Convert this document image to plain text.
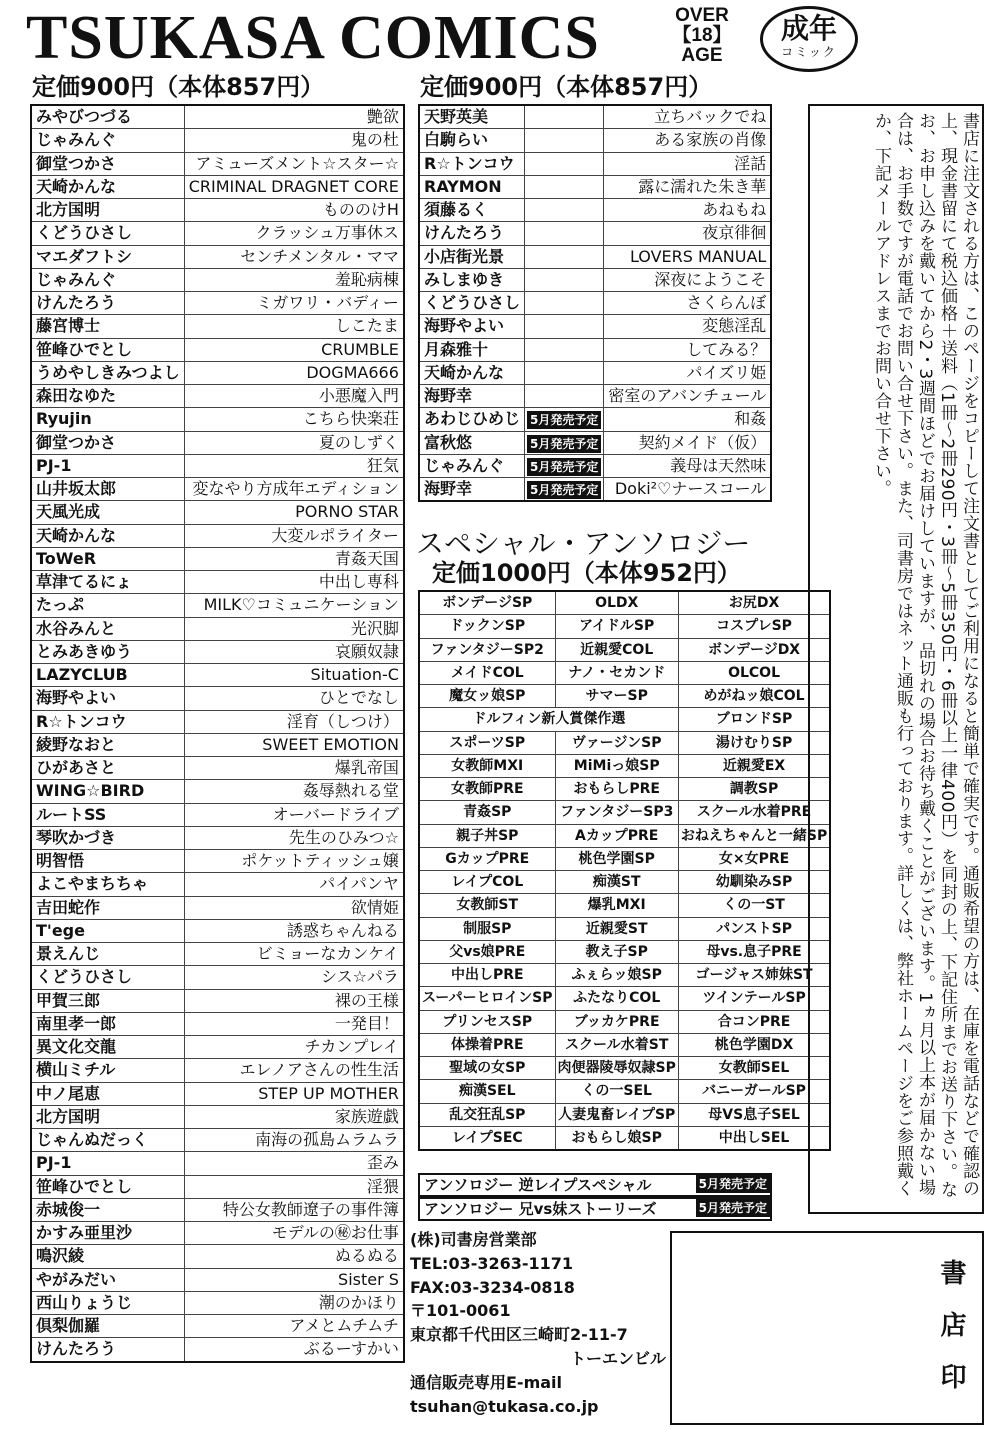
TSUKASA COMICS	OVER
【18】
AGE
成年
コミック
定価900円（本体857円）	定価900円（本体857円）
みやびつづる	艶欲
じゃみんぐ	鬼の杜
御堂つかさ	アミューズメント☆スター☆
天崎かんな	CRIMINAL DRAGNET CORE
北方国明	もののけH
くどうひさし	クラッシュ万事休ス
マエダフトシ	センチメンタル・ママ
じゃみんぐ	羞恥病棟
けんたろう	ミガワリ・バディー
藤宮博士	しこたま
笹峰ひでとし	CRUMBLE
うめやしきみつよし	DOGMA666
森田なゆた	小悪魔入門
Ryujin	こちら快楽荘
御堂つかさ	夏のしずく
PJ-1	狂気
山井坂太郎	変なやり方成年エディション
天風光成	PORNO STAR
天崎かんな	大変ルポライター
ToWeR	青姦天国
草津てるにょ	中出し専科
たっぷ	MILK♡コミュニケーション
水谷みんと	光沢脚
とみあきゆう	哀願奴隷
LAZYCLUB	Situation-C
海野やよい	ひとでなし
R☆トンコウ	淫育（しつけ）
綾野なおと	SWEET EMOTION
ひがあさと	爆乳帝国
WING☆BIRD	姦辱熱れる堂
ルートSS	オーバードライブ
琴吹かづき	先生のひみつ☆
明智悟	ポケットティッシュ嬢
よこやまちちゃ	パイパンヤ
吉田蛇作	欲情姫
T'ege	誘惑ちゃんねる
景えんじ	ビミョーなカンケイ
くどうひさし	シス☆パラ
甲賀三郎	裸の王様
南里孝一郎	一発目！
異文化交龍	チカンプレイ
横山ミチル	エレノアさんの性生活
中ノ尾恵	STEP UP MOTHER
北方国明	家族遊戯
じゃんぬだっく	南海の孤島ムラムラ
PJ-1	歪み
笹峰ひでとし	淫猥
赤城俊一	特公女教師遼子の事件簿
かすみ亜里沙	モデルの㊙お仕事
鳴沢綾	ぬるぬる
やがみだい	Sister S
西山りょうじ	潮のかほり
倶梨伽羅	アメとムチムチ
けんたろう	ぶるーすかい
天野英美		立ちバックでね
白駒らい		ある家族の肖像
R☆トンコウ		淫話
RAYMON		露に濡れた朱き華
須藤るく		あねもね
けんたろう		夜京徘徊
小店街光景		LOVERS MANUAL
みしまゆき		深夜にようこそ
くどうひさし		さくらんぼ
海野やよい		変態淫乱
月森雅十		してみる？
天崎かんな		パイズリ姫
海野幸		密室のアバンチュール
あわじひめじ	5月発売予定	和姦
富秋悠	5月発売予定	契約メイド（仮）
じゃみんぐ	5月発売予定	義母は天然味
海野幸	5月発売予定	Doki²♡ナースコール
スペシャル・アンソロジー
定価1000円（本体952円）
ボンデージSP	OLDX	お尻DX
ドックンSP	アイドルSP	コスプレSP
ファンタジーSP2	近親愛COL	ボンデージDX
メイドCOL	ナノ・セカンド	OLCOL
魔女ッ娘SP	サマーSP	めがねッ娘COL
ドルフィン新人賞傑作選		ブロンドSP
スポーツSP	ヴァージンSP	湯けむりSP
女教師MXI	MiMiっ娘SP	近親愛EX
女教師PRE	おもらしPRE	調教SP
青姦SP	ファンタジーSP3	スクール水着PRE
親子丼SP	AカップPRE	おねえちゃんと一緒SP
GカップPRE	桃色学園SP	女×女PRE
レイプCOL	痴漢ST	幼馴染みSP
女教師ST	爆乳MXI	くの一ST
制服SP	近親愛ST	パンストSP
父vs娘PRE	教え子SP	母vs.息子PRE
中出しPRE	ふぇらッ娘SP	ゴージャス姉妹ST
スーパーヒロインSP	ふたなりCOL	ツインテールSP
プリンセスSP	ブッカケPRE	合コンPRE
体操着PRE	スクール水着ST	桃色学園DX
聖域の女SP	肉便器陵辱奴隷SP	女教師SEL
痴漢SEL	くの一SEL	バニーガールSP
乱交狂乱SP	人妻鬼畜レイプSP	母VS息子SEL
レイプSEC	おもらし娘SP	中出しSEL
アンソロジー 逆レイプスペシャル	5月発売予定
アンソロジー 兄vs妹ストーリーズ	5月発売予定
(株)司書房営業部
TEL:03-3263-1171
FAX:03-3234-0818
〒101-0061
東京都千代田区三崎町2-11-7
トーエンビル
通信販売専用E-mail
tsuhan@tukasa.co.jp
書店に注文される方は、このページをコピーして注文書としてご利用になると簡単で確実です。通販希望の方は、在庫を電話などで確認の上、現金書留にて税込価格＋送料（1冊～2冊290円・3冊～5冊350円・6冊以上一律400円）を同封の上、下記住所までお送り下さい。なお、お申し込みを戴いてから2・3週間ほどでお届けしていますが、品切れの場合お待ち戴くことがございます。1ヵ月以上本が届かない場合は、お手数ですが電話でお問い合せ下さい。また、司書房ではネット通販も行っております。詳しくは、弊社ホームページをご参照戴くか、下記メールアドレスまでお問い合せ下さい。
書店印
